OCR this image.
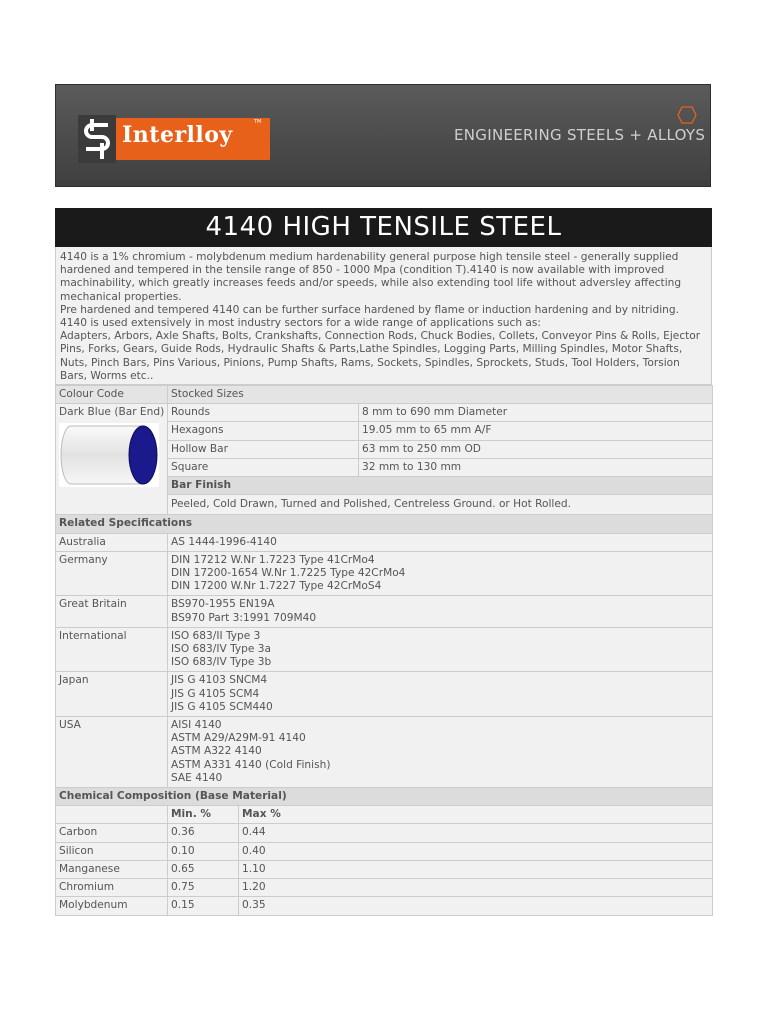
Interlloy	TM
ENGINEERING STEELS + ALLOYS
4140 HIGH TENSILE STEEL

4140 is a 1% chromium - molybdenum medium hardenability general purpose high tensile steel - generally supplied hardened and tempered in the tensile range of 850 - 1000 Mpa (condition T).4140 is now available with improved machinability, which greatly increases feeds and/or speeds, while also extending tool life without adversley affecting mechanical properties.

Pre hardened and tempered 4140 can be further surface hardened by flame or induction hardening and by nitriding.

4140 is used extensively in most industry sectors for a wide range of applications such as:

Adapters, Arbors, Axle Shafts, Bolts, Crankshafts, Connection Rods, Chuck Bodies, Collets, Conveyor Pins & Rolls, Ejector Pins, Forks, Gears, Guide Rods, Hydraulic Shafts & Parts,Lathe Spindles, Logging Parts, Milling Spindles, Motor Shafts, Nuts, Pinch Bars, Pins Various, Pinions, Pump Shafts, Rams, Sockets, Spindles, Sprockets, Studs, Tool Holders, Torsion Bars, Worms etc..

Colour Code	Stocked Sizes		
Dark Blue (Bar End)	Rounds		8 mm to 690 mm Diameter
	Hexagons		19.05 mm to 65 mm A/F
	Hollow Bar		63 mm to 250 mm OD
	Square		32 mm to 130 mm
	Bar Finish		
	Peeled, Cold Drawn, Turned and Polished, Centreless Ground. or Hot Rolled.		
Related Specifications			
Australia	AS 1444-1996-4140		

Germany	DIN 17212 W.Nr 1.7223 Type 41CrMo4
DIN 17200-1654 W.Nr 1.7225 Type 42CrMo4
DIN 17200 W.Nr 1.7227 Type 42CrMoS4		

Great Britain	BS970-1955 EN19A
BS970 Part 3:1991 709M40		

International	ISO 683/II Type 3
ISO 683/IV Type 3a
ISO 683/IV Type 3b		

Japan	JIS G 4103 SNCM4
JIS G 4105 SCM4
JIS G 4105 SCM440		

USA	AISI 4140
ASTM A29/A29M-91 4140
ASTM A322 4140
ASTM A331 4140 (Cold Finish)
SAE 4140		

Chemical Composition (Base Material)			
	Min. %	Max %	
Carbon	0.36	0.44	
Silicon	0.10	0.40	
Manganese	0.65	1.10	
Chromium	0.75	1.20	
Molybdenum	0.15	0.35	
